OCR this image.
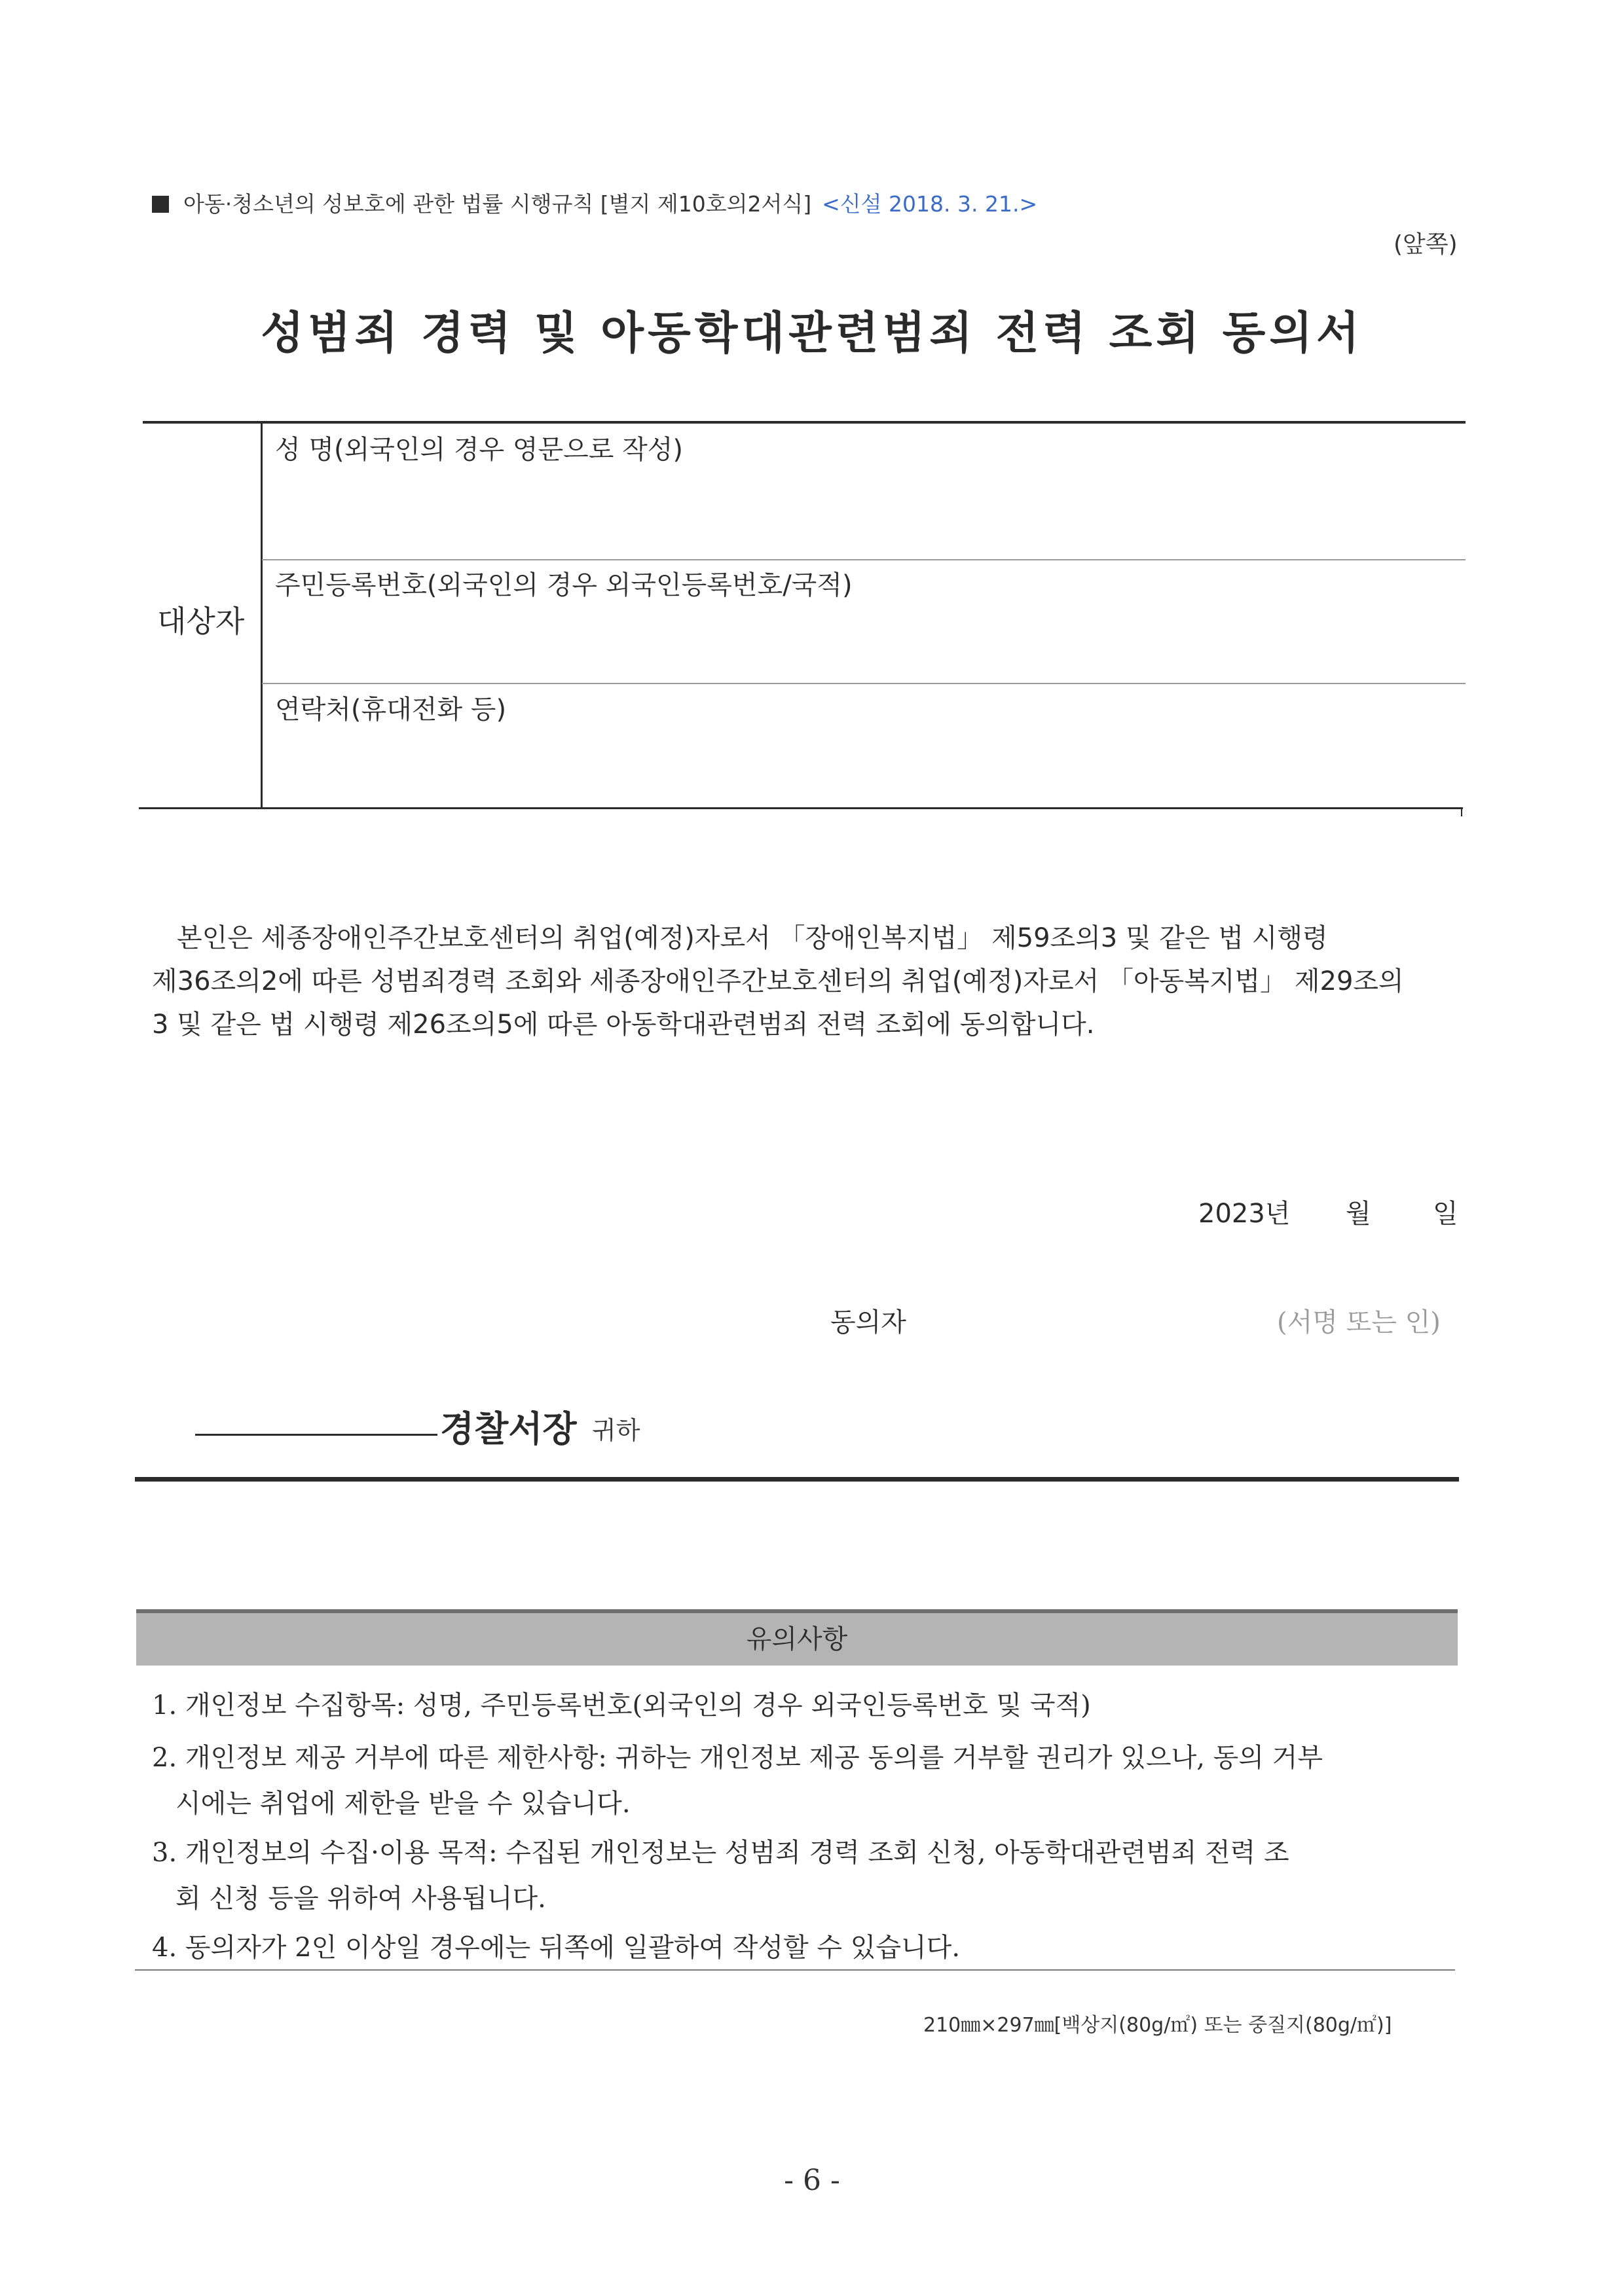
아동·청소년의 성보호에 관한 법률 시행규칙 [별지 제10호의2서식] <신설 2018. 3. 21.>
(앞쪽)
성범죄 경력 및 아동학대관련범죄 전력 조회 동의서
대상자
성 명(외국인의 경우 영문으로 작성)
주민등록번호(외국인의 경우 외국인등록번호/국적)
연락처(휴대전화 등)
본인은 세종장애인주간보호센터의 취업(예정)자로서 「장애인복지법」 제59조의3 및 같은 법 시행령
제36조의2에 따른 성범죄경력 조회와 세종장애인주간보호센터의 취업(예정)자로서 「아동복지법」 제29조의
3 및 같은 법 시행령 제26조의5에 따른 아동학대관련범죄 전력 조회에 동의합니다.
2023년 월 일
동의자	(서명 또는 인)
경찰서장 귀하
유의사항
1. 개인정보 수집항목: 성명, 주민등록번호(외국인의 경우 외국인등록번호 및 국적)
2. 개인정보 제공 거부에 따른 제한사항: 귀하는 개인정보 제공 동의를 거부할 권리가 있으나, 동의 거부
시에는 취업에 제한을 받을 수 있습니다.
3. 개인정보의 수집·이용 목적: 수집된 개인정보는 성범죄 경력 조회 신청, 아동학대관련범죄 전력 조
회 신청 등을 위하여 사용됩니다.
4. 동의자가 2인 이상일 경우에는 뒤쪽에 일괄하여 작성할 수 있습니다.
210㎜×297㎜[백상지(80g/㎡) 또는 중질지(80g/㎡)]
- 6 -
